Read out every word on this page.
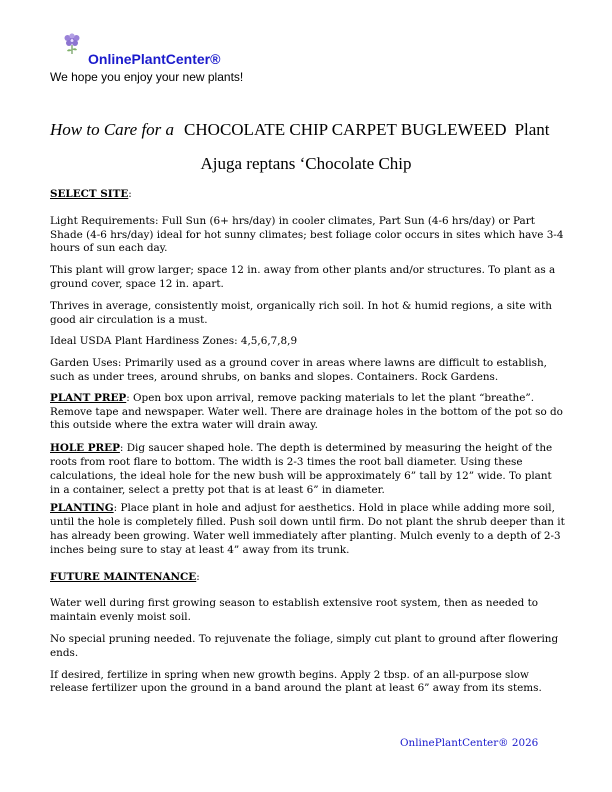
OnlinePlantCenter®
We hope you enjoy your new plants!
How to Care for a CHOCOLATE CHIP CARPET BUGLEWEED Plant
Ajuga reptans ‘Chocolate Chip

SELECT SITE:

Light Requirements: Full Sun (6+ hrs/day) in cooler climates, Part Sun (4-6 hrs/day) or Part Shade (4-6 hrs/day) ideal for hot sunny climates; best foliage color occurs in sites which have 3-4 hours of sun each day.

This plant will grow larger; space 12 in. away from other plants and/or structures. To plant as a ground cover, space 12 in. apart.

Thrives in average, consistently moist, organically rich soil. In hot & humid regions, a site with good air circulation is a must.

Ideal USDA Plant Hardiness Zones: 4,5,6,7,8,9

Garden Uses: Primarily used as a ground cover in areas where lawns are difficult to establish, such as under trees, around shrubs, on banks and slopes. Containers. Rock Gardens.

PLANT PREP: Open box upon arrival, remove packing materials to let the plant “breathe”. Remove tape and newspaper. Water well. There are drainage holes in the bottom of the pot so do this outside where the extra water will drain away.

HOLE PREP: Dig saucer shaped hole. The depth is determined by measuring the height of the roots from root flare to bottom. The width is 2-3 times the root ball diameter. Using these calculations, the ideal hole for the new bush will be approximately 6” tall by 12” wide. To plant in a container, select a pretty pot that is at least 6” in diameter.

PLANTING: Place plant in hole and adjust for aesthetics. Hold in place while adding more soil, until the hole is completely filled. Push soil down until firm. Do not plant the shrub deeper than it has already been growing. Water well immediately after planting. Mulch evenly to a depth of 2-3 inches being sure to stay at least 4” away from its trunk.

FUTURE MAINTENANCE:

Water well during first growing season to establish extensive root system, then as needed to maintain evenly moist soil.

No special pruning needed. To rejuvenate the foliage, simply cut plant to ground after flowering ends.

If desired, fertilize in spring when new growth begins. Apply 2 tbsp. of an all-purpose slow release fertilizer upon the ground in a band around the plant at least 6” away from its stems.

OnlinePlantCenter® 2026
